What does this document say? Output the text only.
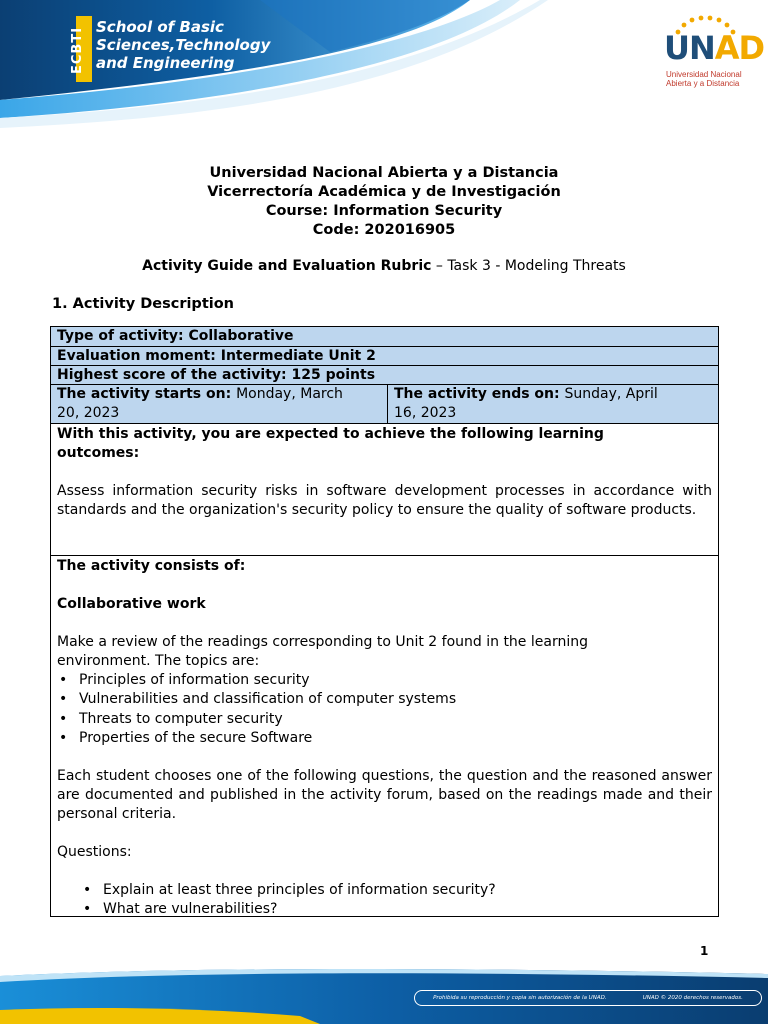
ECBTI School of Basic
Sciences,Technology
and Engineering	UNAD
Universidad Nacional
Abierta y a Distancia
Universidad Nacional Abierta y a Distancia
Vicerrectoría Académica y de Investigación
Course: Information Security
Code: 202016905
Activity Guide and Evaluation Rubric – Task 3 - Modeling Threats
1. Activity Description
Type of activity: Collaborative
Evaluation moment: Intermediate Unit 2
Highest score of the activity: 125 points
The activity starts on: Monday, March
20, 2023
The activity ends on: Sunday, April
16, 2023
With this activity, you are expected to achieve the following learning
outcomes:
Assess information security risks in software development processes in accordance with standards and the organization's security policy to ensure the quality of software products.
The activity consists of:
Collaborative work
Make a review of the readings corresponding to Unit 2 found in the learning environment. The topics are:
• Principles of information security
• Vulnerabilities and classification of computer systems
• Threats to computer security
• Properties of the secure Software
Each student chooses one of the following questions, the question and the reasoned answer are documented and published in the activity forum, based on the readings made and their personal criteria.
Questions:
• Explain at least three principles of information security?
• What are vulnerabilities?
1
Prohibida su reproducción y copia sin autorización de la UNAD.	UNAD © 2020 derechos reservados.
